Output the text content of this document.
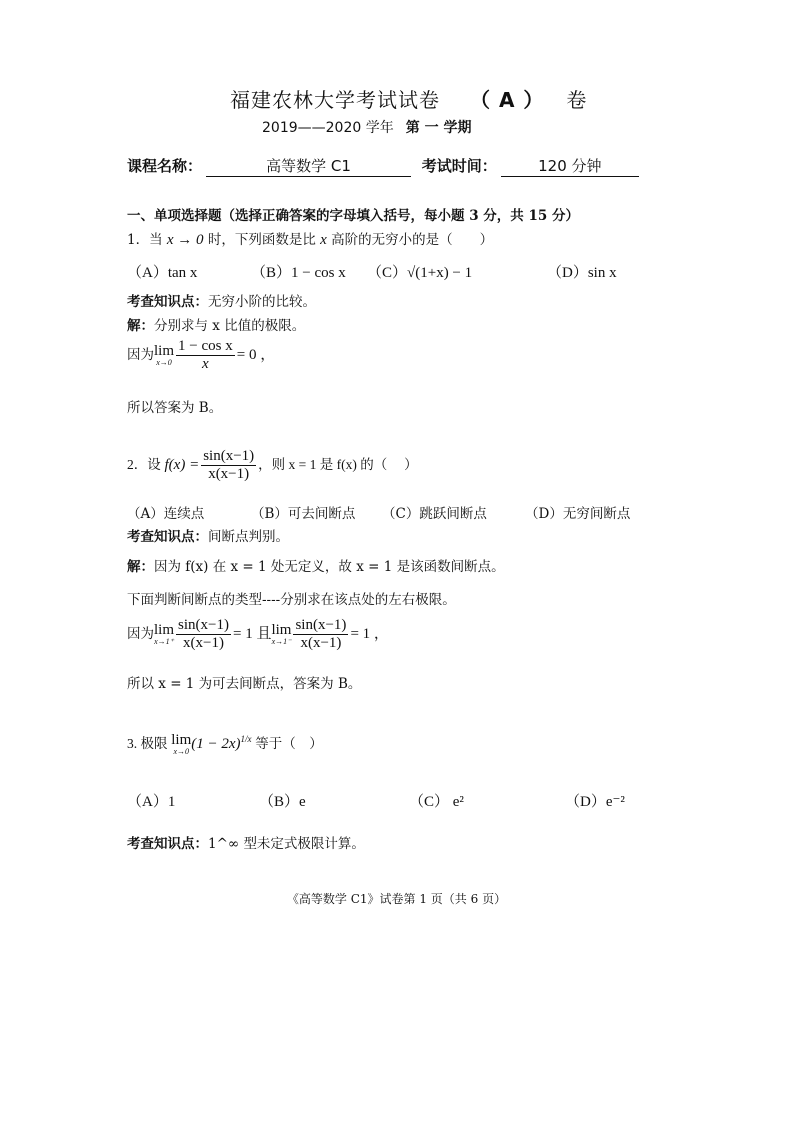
福建农林大学考试试卷 （ A ） 卷
2019——2020 学年 第 一 学期
课程名称：	高等数学 C1	考试时间：	120 分钟
一、单项选择题（选择正确答案的字母填入括号，每小题 3 分，共 15 分）
1．当 x → 0 时，下列函数是比 x 高阶的无穷小的是（　　）
（A）tan x	（B）1 − cos x （C）√(1+x) − 1	（D）sin x
考查知识点：无穷小阶的比较。
解：分别求与 x 比值的极限。
因为 lim
$x\to 0 \frac{\text{1 − cos x}}{x} = 0$ ，
所以答案为 B。
2．设 $f(x) = \frac{\sin(x-1)}{x(x-1)}$ ，则 x = 1 是 f(x) 的（　 ）
（A）连续点	（B）可去间断点 （C）跳跃间断点	（D）无穷间断点
考查知识点：间断点判别。
解：因为 f(x) 在 x = 1 处无定义，故 x = 1 是该函数间断点。
下面判断间断点的类型----分别求在该点处的左右极限。
因为 lim
$x\to 1^+ \frac{\sin(x-1)}{x(x-1)} = 1$ 且 lim
$x\to 1^- \frac{\sin(x-1)}{x(x-1)} = 1$ ，
所以 x = 1 为可去间断点，答案为 B。
3. 极限 lim
x→0 $(1 - 2x)^{1/x}$ 等于（　）
（A）1	（B）e	（C） e²	（D）e⁻²
考查知识点：1^∞ 型未定式极限计算。
《高等数学 C1》试卷第 1 页（共 6 页）
